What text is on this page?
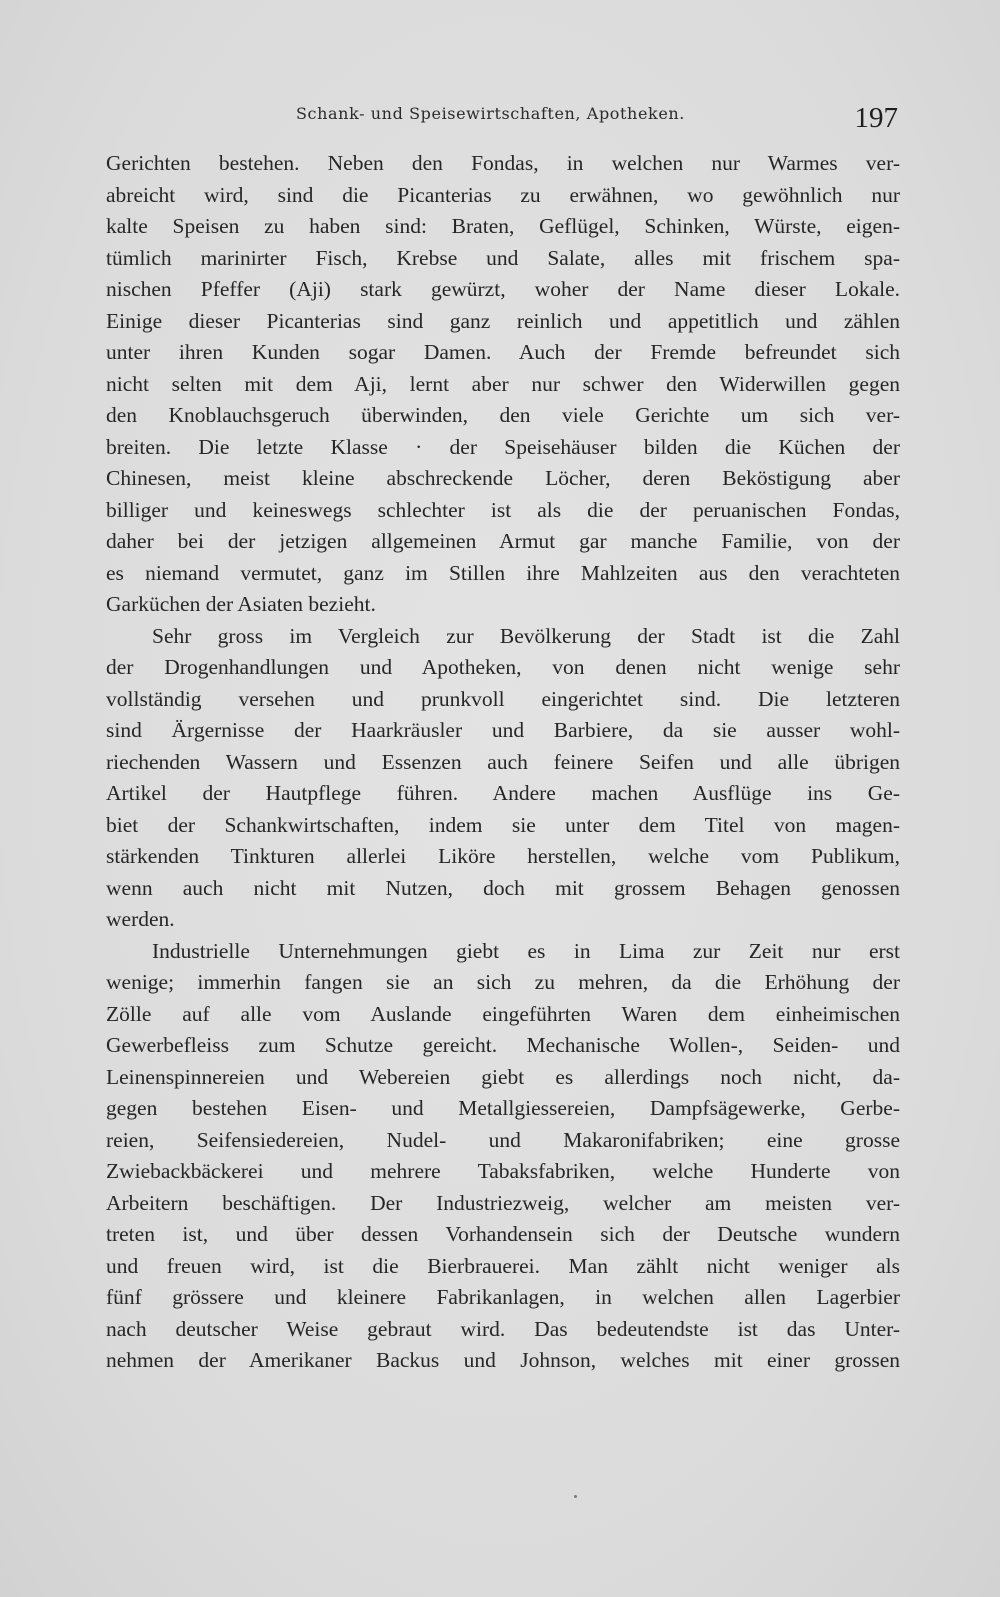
Schank- und Speisewirtschaften, Apotheken.	197
Gerichten bestehen. Neben den Fondas, in welchen nur Warmes ver-
abreicht wird, sind die Picanterias zu erwähnen, wo gewöhnlich nur
kalte Speisen zu haben sind: Braten, Geflügel, Schinken, Würste, eigen-
tümlich marinirter Fisch, Krebse und Salate, alles mit frischem spa-
nischen Pfeffer (Aji) stark gewürzt, woher der Name dieser Lokale.
Einige dieser Picanterias sind ganz reinlich und appetitlich und zählen
unter ihren Kunden sogar Damen. Auch der Fremde befreundet sich
nicht selten mit dem Aji, lernt aber nur schwer den Widerwillen gegen
den Knoblauchsgeruch überwinden, den viele Gerichte um sich ver-
breiten. Die letzte Klasse · der Speisehäuser bilden die Küchen der
Chinesen, meist kleine abschreckende Löcher, deren Beköstigung aber
billiger und keineswegs schlechter ist als die der peruanischen Fondas,
daher bei der jetzigen allgemeinen Armut gar manche Familie, von der
es niemand vermutet, ganz im Stillen ihre Mahlzeiten aus den verachteten
Garküchen der Asiaten bezieht.
Sehr gross im Vergleich zur Bevölkerung der Stadt ist die Zahl
der Drogenhandlungen und Apotheken, von denen nicht wenige sehr
vollständig versehen und prunkvoll eingerichtet sind. Die letzteren
sind Ärgernisse der Haarkräusler und Barbiere, da sie ausser wohl-
riechenden Wassern und Essenzen auch feinere Seifen und alle übrigen
Artikel der Hautpflege führen. Andere machen Ausflüge ins Ge-
biet der Schankwirtschaften, indem sie unter dem Titel von magen-
stärkenden Tinkturen allerlei Liköre herstellen, welche vom Publikum,
wenn auch nicht mit Nutzen, doch mit grossem Behagen genossen
werden.
Industrielle Unternehmungen giebt es in Lima zur Zeit nur erst
wenige; immerhin fangen sie an sich zu mehren, da die Erhöhung der
Zölle auf alle vom Auslande eingeführten Waren dem einheimischen
Gewerbefleiss zum Schutze gereicht. Mechanische Wollen-, Seiden- und
Leinenspinnereien und Webereien giebt es allerdings noch nicht, da-
gegen bestehen Eisen- und Metallgiessereien, Dampfsägewerke, Gerbe-
reien, Seifensiedereien, Nudel- und Makaronifabriken; eine grosse
Zwiebackbäckerei und mehrere Tabaksfabriken, welche Hunderte von
Arbeitern beschäftigen. Der Industriezweig, welcher am meisten ver-
treten ist, und über dessen Vorhandensein sich der Deutsche wundern
und freuen wird, ist die Bierbrauerei. Man zählt nicht weniger als
fünf grössere und kleinere Fabrikanlagen, in welchen allen Lagerbier
nach deutscher Weise gebraut wird. Das bedeutendste ist das Unter-
nehmen der Amerikaner Backus und Johnson, welches mit einer grossen
